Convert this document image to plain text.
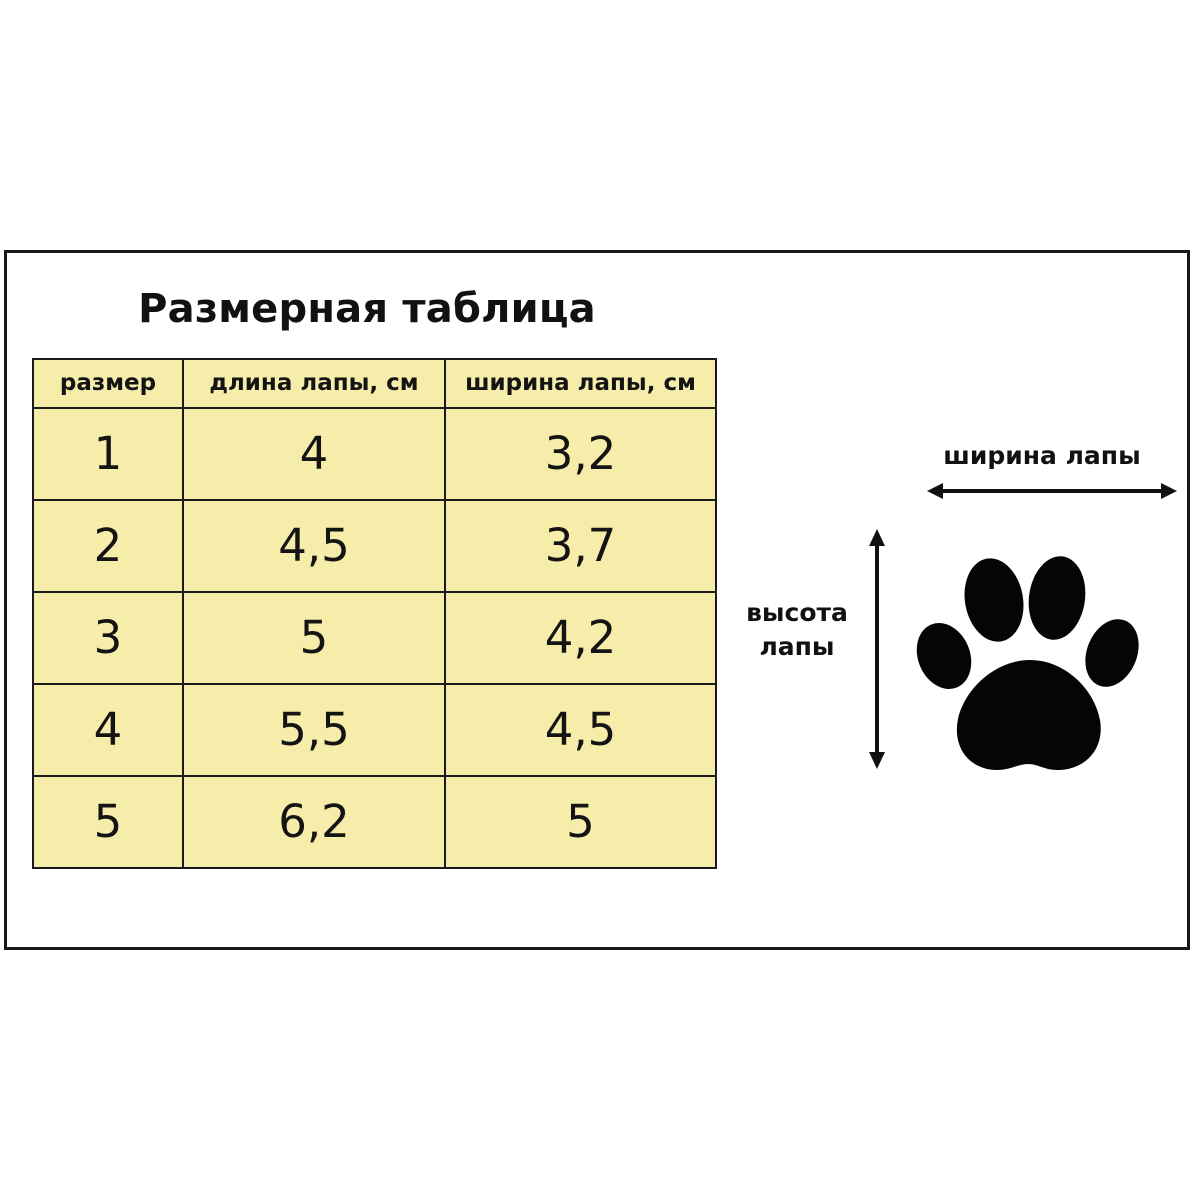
Размерная таблица
размер	длина лапы, см	ширина лапы, см
1	4	3,2
2	4,5	3,7
3	5	4,2
4	5,5	4,5
5	6,2	5
ширина лапы
высота
лапы
